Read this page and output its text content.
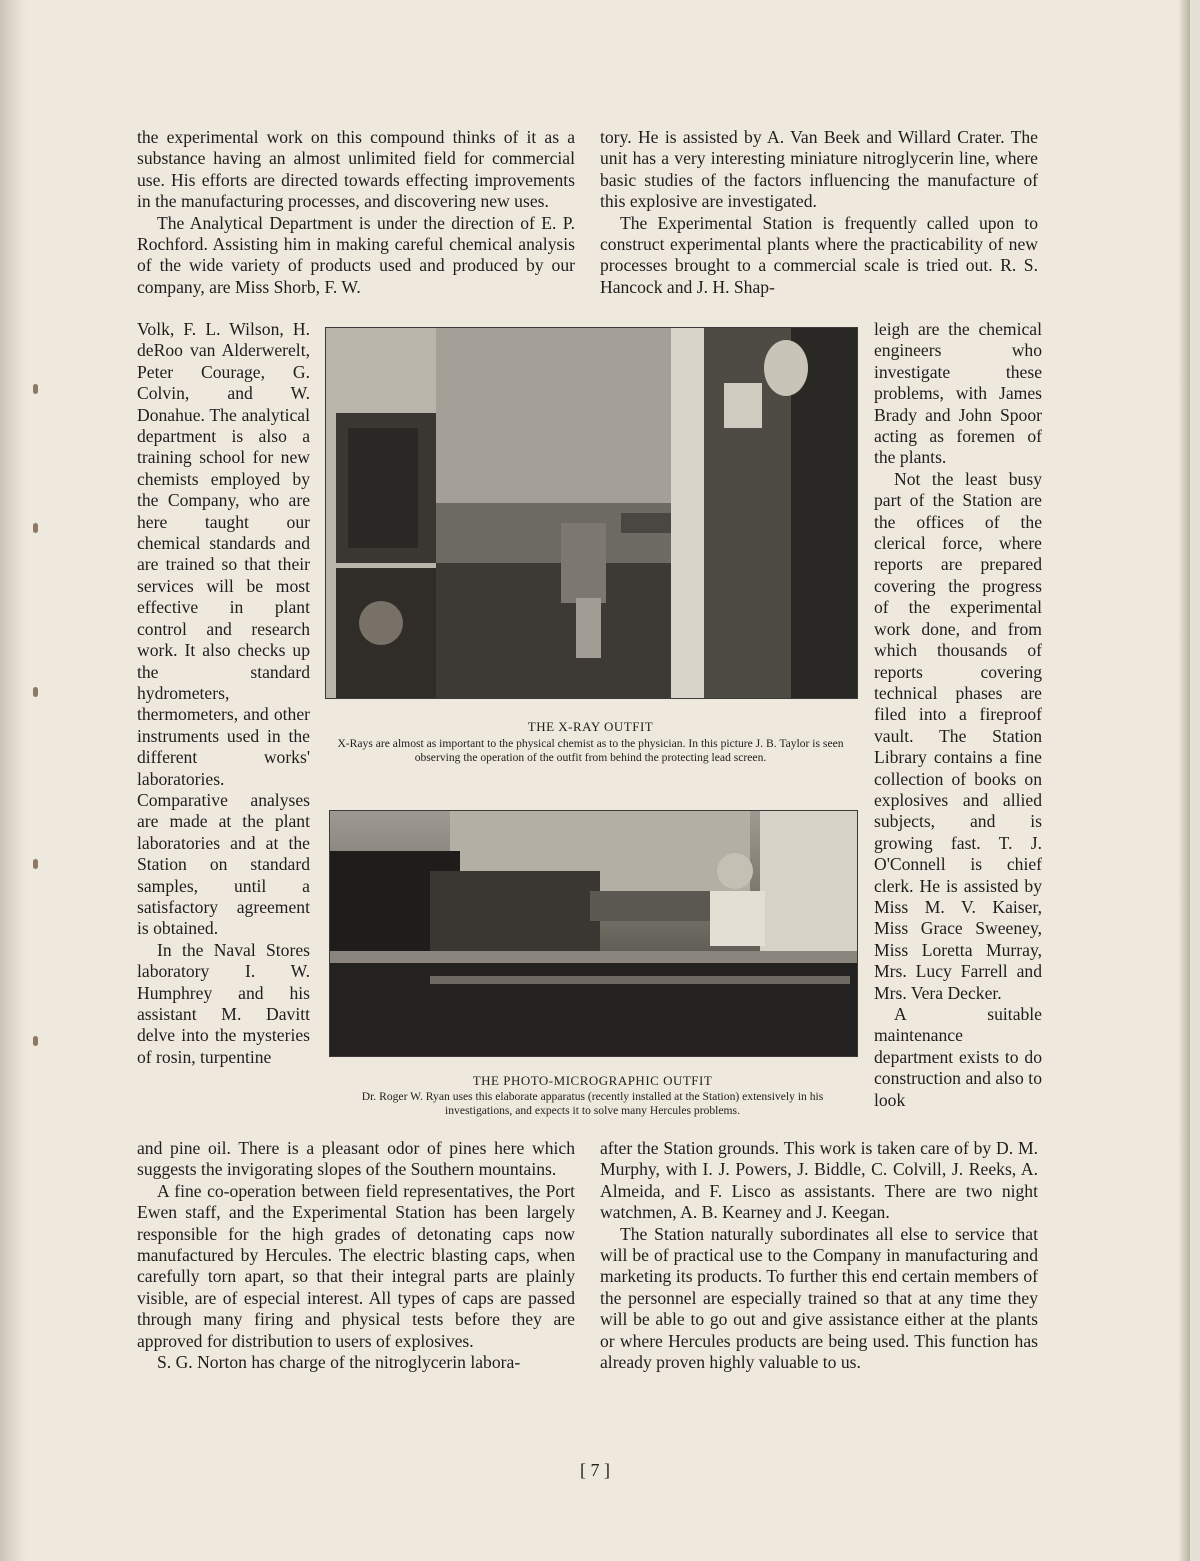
the experimental work on this compound thinks of it as a substance having an almost unlimited field for commercial use. His efforts are directed towards effecting improvements in the manufacturing processes, and discovering new uses.

The Analytical Department is under the direction of E. P. Rochford. Assisting him in making careful chemical analysis of the wide variety of products used and produced by our company, are Miss Shorb, F. W.

Volk, F. L. Wilson, H. deRoo van Alderwerelt, Peter Courage, G. Colvin, and W. Donahue. The analytical department is also a training school for new chemists employed by the Company, who are here taught our chemical standards and are trained so that their services will be most effective in plant control and research work. It also checks up the standard hydrometers, thermometers, and other instruments used in the different works' laboratories. Comparative analyses are made at the plant laboratories and at the Station on standard samples, until a satisfactory agreement is obtained.

In the Naval Stores laboratory I. W. Humphrey and his assistant M. Davitt delve into the mysteries of rosin, turpentine

and pine oil. There is a pleasant odor of pines here which suggests the invigorating slopes of the Southern mountains.

A fine co-operation between field representatives, the Port Ewen staff, and the Experimental Station has been largely responsible for the high grades of detonating caps now manufactured by Hercules. The electric blasting caps, when carefully torn apart, so that their integral parts are plainly visible, are of especial interest. All types of caps are passed through many firing and physical tests before they are approved for distribution to users of explosives.

S. G. Norton has charge of the nitroglycerin labora-

tory. He is assisted by A. Van Beek and Willard Crater. The unit has a very interesting miniature nitroglycerin line, where basic studies of the factors influencing the manufacture of this explosive are investigated.

The Experimental Station is frequently called upon to construct experimental plants where the practicability of new processes brought to a commercial scale is tried out. R. S. Hancock and J. H. Shap-

leigh are the chemical engineers who investigate these problems, with James Brady and John Spoor acting as foremen of the plants.

Not the least busy part of the Station are the offices of the clerical force, where reports are prepared covering the progress of the experimental work done, and from which thousands of reports covering technical phases are filed into a fireproof vault. The Station Library contains a fine collection of books on explosives and allied subjects, and is growing fast. T. J. O'Connell is chief clerk. He is assisted by Miss M. V. Kaiser, Miss Grace Sweeney, Miss Loretta Murray, Mrs. Lucy Farrell and Mrs. Vera Decker.

A suitable maintenance department exists to do construction and also to look

after the Station grounds. This work is taken care of by D. M. Murphy, with I. J. Powers, J. Biddle, C. Colvill, J. Reeks, A. Almeida, and F. Lisco as assistants. There are two night watchmen, A. B. Kearney and J. Keegan.

The Station naturally subordinates all else to service that will be of practical use to the Company in manufacturing and marketing its products. To further this end certain members of the personnel are especially trained so that at any time they will be able to go out and give assistance either at the plants or where Hercules products are being used. This function has already proven highly valuable to us.

THE X-RAY OUTFIT

X-Rays are almost as important to the physical chemist as to the physician. In this picture J. B. Taylor is seen observing the operation of the outfit from behind the protecting lead screen.

THE PHOTO-MICROGRAPHIC OUTFIT

Dr. Roger W. Ryan uses this elaborate apparatus (recently installed at the Station) extensively in his investigations, and expects it to solve many Hercules problems.

[ 7 ]
